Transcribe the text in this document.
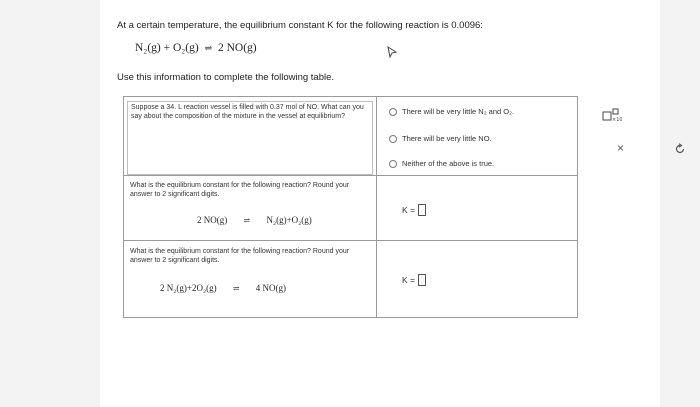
At a certain temperature, the equilibrium constant K for the following reaction is 0.0096:
N₂(g) + O₂(g) ⇌ 2 NO(g)
Use this information to complete the following table.
Suppose a 34. L reaction vessel is filled with 0.37 mol of NO. What can you say about the composition of the mixture in the vessel at equilibrium?	There will be very little N₂ and O₂.
There will be very little NO.
Neither of the above is true.
What is the equilibrium constant for the following reaction? Round your answer to 2 significant digits.
2 NO(g) ⇌ N₂(g)+O₂(g)
K =
What is the equilibrium constant for the following reaction? Round your answer to 2 significant digits.
2 N₂(g)+2O₂(g) ⇌ 4 NO(g)
K =
×10
×
